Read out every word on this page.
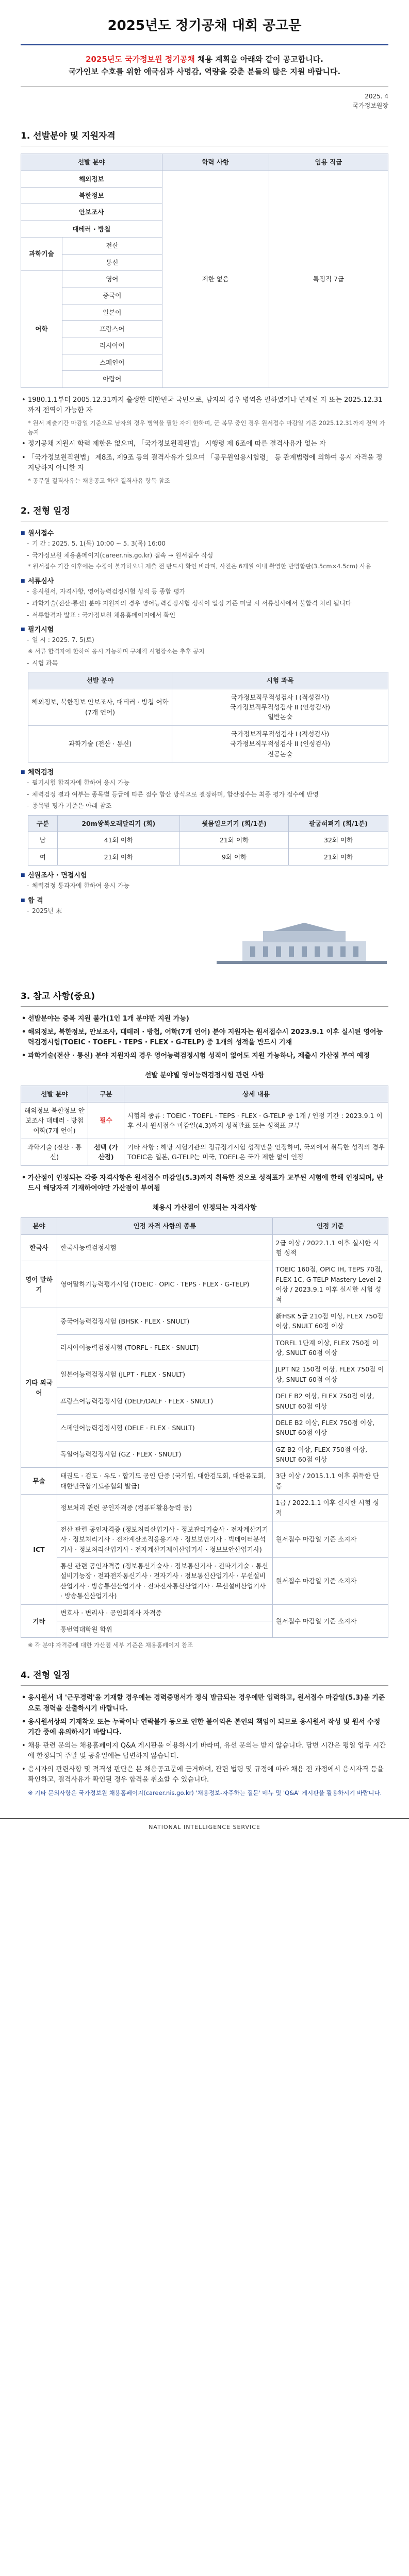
2025년도 정기공채 대회 공고문
2025년도 국가정보원 정기공채 채용 계획을 아래와 같이 공고합니다.
국가인보 수호를 위한 애국심과 사명감, 역량을 갖춘 분들의 많은 지원 바랍니다.
2025. 4
국가정보원장
1. 선발분야 및 지원자격
선발 분야		학력 사항	임용 직급
해외정보		제한 없음	특정직 7급
북한정보			
안보조사			
대테러 · 방첩			
과학기술	전산		
	통신		
어학	영어		
	중국어		
	일본어		
	프랑스어		
	러시아어		
	스페인어		
	아랍어		
• 1980.1.1부터 2005.12.31까지 출생한 대한민국 국민으로, 남자의 경우 병역을 필하였거나 면제된 자 또는 2025.12.31까지 전역이 가능한 자
* 원서 제출기간 마감일 기준으로 남자의 경우 병역을 필한 자에 한하며, 군 복무 중인 경우 원서접수 마감일 기준 2025.12.31까지 전역 가능자
• 정기공채 지원시 학력 제한은 없으며, 「국가정보원직원법」 시행령 제 6조에 따른 결격사유가 없는 자
• 「국가정보원직원법」 제8조, 제9조 등의 결격사유가 있으며 「공무원임용시험령」 등 관계법령에 의하여 응시 자격을 정지당하지 아니한 자
* 공무원 결격사유는 채용공고 하단 결격사유 항목 참조
2. 전형 일정
■ 원서접수
- 기 간 : 2025. 5. 1(목) 10:00 ~ 5. 3(목) 16:00
- 국가정보원 채용홈페이지(career.nis.go.kr) 접속 → 원서접수 작성
* 원서접수 기간 이후에는 수정이 불가하오니 제출 전 반드시 확인 바라며, 사진은 6개월 이내 촬영한 반명함판(3.5cm×4.5cm) 사용
■ 서류심사
- 응시원서, 자격사항, 영어능력검정시험 성적 등 종합 평가
- 과학기술(전산·통신) 분야 지원자의 경우 영어능력검정시험 성적이 일정 기준 미달 시 서류심사에서 불합격 처리 됩니다
- 서류합격자 발표 : 국가정보원 채용홈페이지에서 확인
■ 필기시험
- 일 시 : 2025. 7. 5(토)
※ 서류 합격자에 한하여 응시 가능하며 구체적 시험장소는 추후 공지
- 시험 과목
선발 분야	시험 과목
해외정보, 북한정보 안보조사, 대테러 · 방첩 어학(7개 언어)	국가정보직무적성검사 I (적성검사)
국가정보직무적성검사 II (인성검사)
일반논술

과학기술 (전산 · 통신)	국가정보직무적성검사 I (적성검사)
국가정보직무적성검사 II (인성검사)
전공논술
■ 체력검정
- 필기시험 합격자에 한하여 응시 가능
- 체력검정 결과 여부는 종목별 등급에 따른 점수 합산 방식으로 결정하며, 합산점수는 최종 평가 점수에 반영
- 종목별 평가 기준은 아래 참조
구분	20m왕복오래달리기 (회)	윗몸일으키기 (회/1분)	팔굽혀펴기 (회/1분)
남	41회 이하	21회 이하	32회 이하
여	21회 이하	9회 이하	21회 이하
■ 신원조사 · 면접시험
- 체력검정 통과자에 한하여 응시 가능
■ 합 격
- 2025년 末
3. 참고 사항(중요)
• 선발분야는 중복 지원 불가(1인 1개 분야만 지원 가능)
• 해외정보, 북한정보, 안보조사, 대테러 · 방첩, 어학(7개 언어) 분야 지원자는 원서접수시 2023.9.1 이후 실시된 영어능력검정시험(TOEIC · TOEFL · TEPS · FLEX · G-TELP) 중 1개의 성적을 반드시 기재
• 과학기술(전산 · 통신) 분야 지원자의 경우 영어능력검정시험 성적이 없어도 지원 가능하나, 제출시 가산점 부여 예정
선발 분야별 영어능력검정시험 관련 사항
선발 분야	구분	상세 내용
해외정보 북한정보 안보조사 대테러 · 방첩 어학(7개 언어)	필수	시험의 종류 : TOEIC · TOEFL · TEPS · FLEX · G-TELP 중 1개 / 인정 기간 : 2023.9.1 이후 실시 원서접수 마감일(4.3)까지 성적발표 또는 성적표 교부
과학기술 (전산 · 통신)	선택 (가산점)	기타 사항 : 해당 시험기관의 정규정기시험 성적만을 인정하며, 국외에서 취득한 성적의 경우 TOEIC은 일본, G-TELP는 미국, TOEFL은 국가 제한 없이 인정
• 가산점이 인정되는 각종 자격사항은 원서접수 마감일(5.3)까지 취득한 것으로 성적표가 교부된 시험에 한해 인정되며, 반드시 해당자격 기재하여야만 가산점이 부여됨
채용시 가산점이 인정되는 자격사항
분야	인정 자격 사항의 종류	인정 기준
한국사	한국사능력검정시험	2급 이상 / 2022.1.1 이후 실시한 시험 성적
영어 말하기	영어말하기능력평가시험 (TOEIC · OPIC · TEPS · FLEX · G-TELP)	TOEIC 160점, OPIC IH, TEPS 70점, FLEX 1C, G-TELP Mastery Level 2 이상 / 2023.9.1 이후 실시한 시험 성적
기타 외국어	중국어능력검정시험 (BHSK · FLEX · SNULT)	新HSK 5급 210점 이상, FLEX 750점 이상, SNULT 60점 이상
	러시아어능력검정시험 (TORFL · FLEX · SNULT)	TORFL 1단계 이상, FLEX 750점 이상, SNULT 60점 이상
	일본어능력검정시험 (JLPT · FLEX · SNULT)	JLPT N2 150점 이상, FLEX 750점 이상, SNULT 60점 이상
	프랑스어능력검정시험 (DELF/DALF · FLEX · SNULT)	DELF B2 이상, FLEX 750점 이상, SNULT 60점 이상
	스페인어능력검정시험 (DELE · FLEX · SNULT)	DELE B2 이상, FLEX 750점 이상, SNULT 60점 이상
	독일어능력검정시험 (GZ · FLEX · SNULT)	GZ B2 이상, FLEX 750점 이상, SNULT 60점 이상
무술	태권도 · 검도 · 유도 · 합기도 공인 단증 (국기원, 대한검도회, 대한유도회, 대한민국합기도총협회 발급)	3단 이상 / 2015.1.1 이후 취득한 단증
ICT	정보처리 관련 공인자격증 (컴퓨터활용능력 등)	1급 / 2022.1.1 이후 실시한 시험 성적
	전산 관련 공인자격증 (정보처리산업기사 · 정보관리기술사 · 전자계산기기사 · 정보처리기사 · 전자계산조직응용기사 · 정보보안기사 · 빅데이터분석기사 · 정보처리산업기사 · 전자계산기제어산업기사 · 정보보안산업기사)	원서접수 마감일 기준 소지자
	통신 관련 공인자격증 (정보통신기술사 · 정보통신기사 · 전파기기술 · 통신설비기능장 · 전파전자통신기사 · 전자기사 · 정보통신산업기사 · 무선설비산업기사 · 방송통신산업기사 · 전파전자통신산업기사 · 무선설비산업기사 · 방송통신산업기사)	원서접수 마감일 기준 소지자
기타	변호사 · 변리사 · 공인회계사 자격증	원서접수 마감일 기준 소지자
	통번역대학원 학위	
※ 각 분야 자격증에 대한 가산점 세부 기준은 채용홈페이지 참조
4. 전형 일정
• 응시원서 내 '근무경력'을 기재할 경우에는 경력증명서가 정식 발급되는 경우에만 입력하고, 원서접수 마감일(5.3)을 기준으로 경력을 산출하시기 바랍니다.
• 응시원서상의 기재착오 또는 누락이나 연락불가 등으로 인한 불이익은 본인의 책임이 되므로 응시원서 작성 및 원서 수정 기간 중에 유의하시기 바랍니다.
• 채용 관련 문의는 채용홈페이지 Q&A 게시판을 이용하시기 바라며, 유선 문의는 받지 않습니다. 답변 시간은 평일 업무 시간에 한정되며 주말 및 공휴일에는 답변하지 않습니다.
• 응시자의 관련사항 및 적격성 판단은 본 채용공고문에 근거하며, 관련 법령 및 규정에 따라 채용 전 과정에서 응시자격 등을 확인하고, 결격사유가 확인될 경우 합격을 취소할 수 있습니다.
※ 기타 문의사항은 국가정보원 채용홈페이지(career.nis.go.kr) '채용정보-자주하는 질문' 메뉴 및 'Q&A' 게시판을 활용하시기 바랍니다.
NATIONAL INTELLIGENCE SERVICE
